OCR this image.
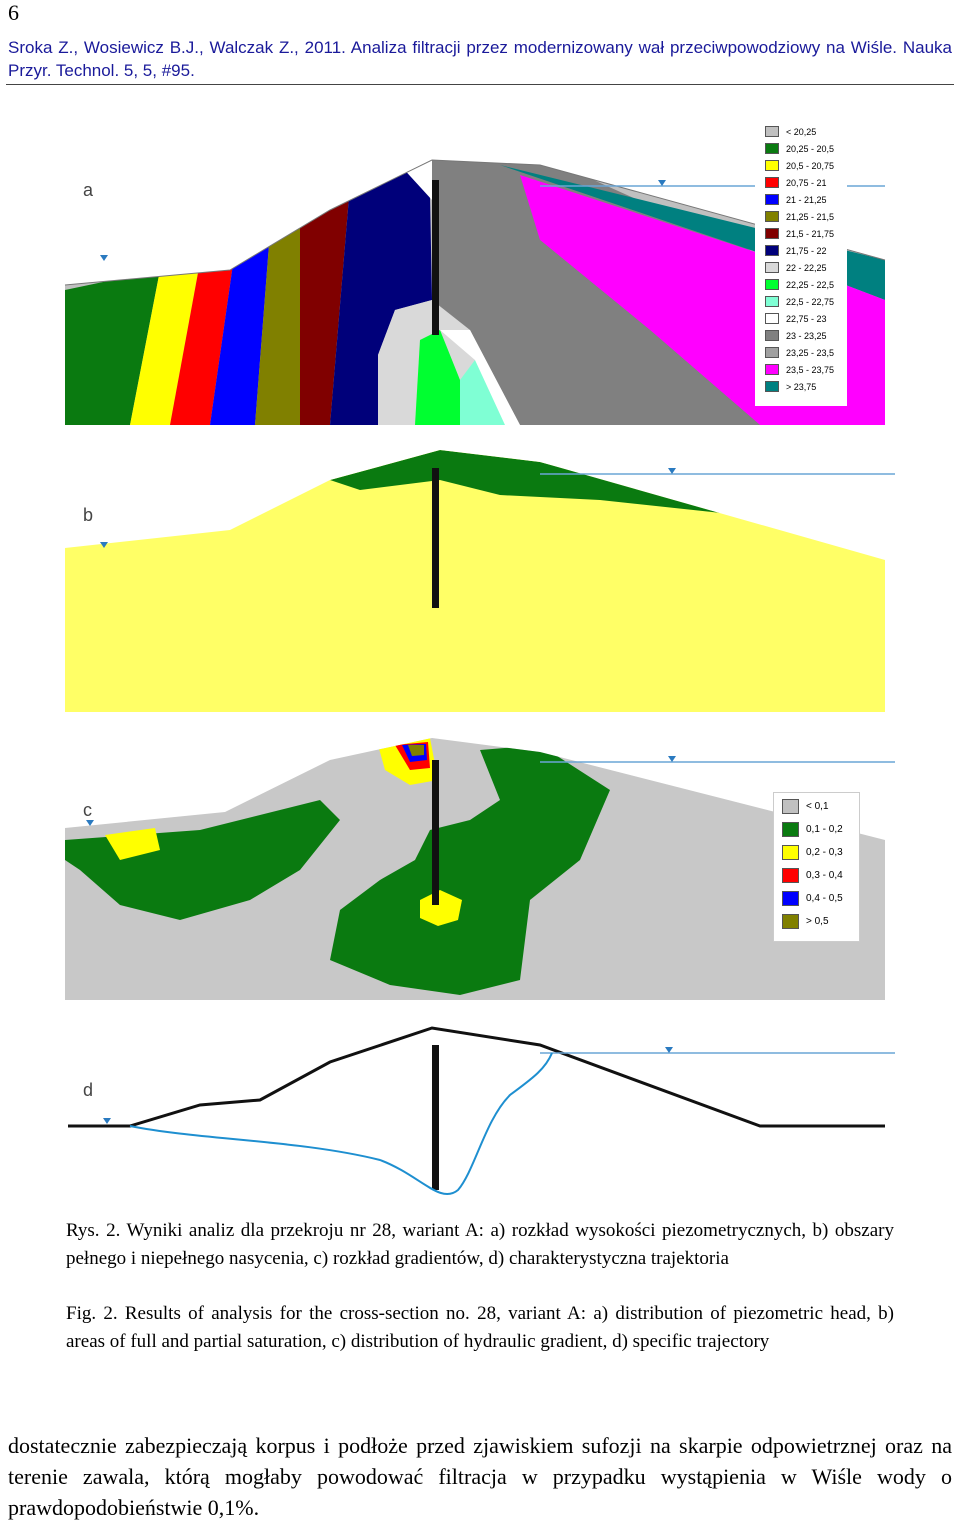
6
Sroka Z., Wosiewicz B.J., Walczak Z., 2011. Analiza filtracji przez modernizowany wał przeciwpowodziowy na Wiśle. Nauka Przyr. Technol. 5, 5, #95.
a
b
c
d
< 20,25
20,25 - 20,5
20,5 - 20,75
20,75 - 21
21 - 21,25
21,25 - 21,5
21,5 - 21,75
21,75 - 22
22 - 22,25
22,25 - 22,5
22,5 - 22,75
22,75 - 23
23 - 23,25
23,25 - 23,5
23,5 - 23,75
> 23,75
< 0,1
0,1 - 0,2
0,2 - 0,3
0,3 - 0,4
0,4 - 0,5
> 0,5
Rys. 2. Wyniki analiz dla przekroju nr 28, wariant A: a) rozkład wysokości piezometrycznych, b) obszary pełnego i niepełnego nasycenia, c) rozkład gradientów, d) charakterystyczna trajektoria
Fig. 2. Results of analysis for the cross-section no. 28, variant A: a) distribution of piezometric head, b) areas of full and partial saturation, c) distribution of hydraulic gradient, d) specific trajectory
dostatecznie zabezpieczają korpus i podłoże przed zjawiskiem sufozji na skarpie odpowietrznej oraz na terenie zawala, którą mogłaby powodować filtracja w przypadku wystąpienia w Wiśle wody o prawdopodobieństwie 0,1%.
